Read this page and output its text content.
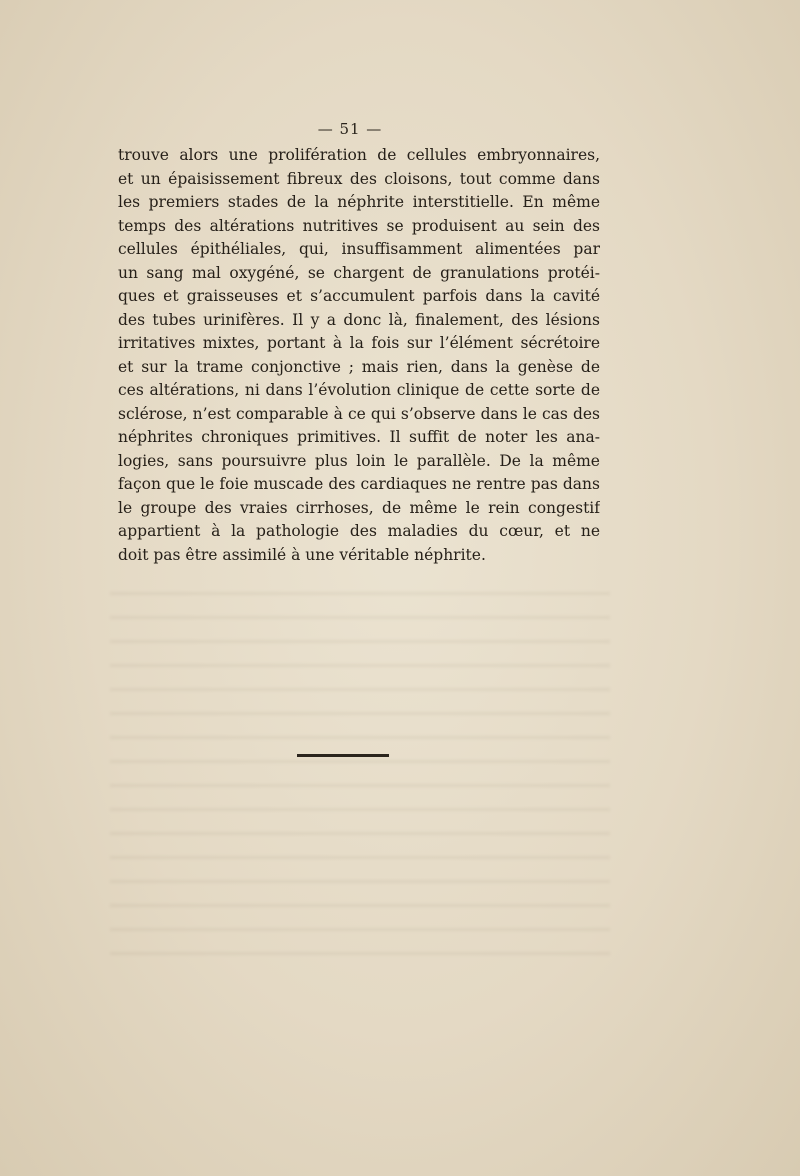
— 51 —
trouve alors une prolifération de cellules embryonnaires,
et un épaisissement fibreux des cloisons, tout comme dans
les premiers stades de la néphrite interstitielle. En même
temps des altérations nutritives se produisent au sein des
cellules épithéliales, qui, insuffisamment alimentées par
un sang mal oxygéné, se chargent de granulations protéi-
ques et graisseuses et s’accumulent parfois dans la cavité
des tubes urinifères. Il y a donc là, finalement, des lésions
irritatives mixtes, portant à la fois sur l’élément sécrétoire
et sur la trame conjonctive ; mais rien, dans la genèse de
ces altérations, ni dans l’évolution clinique de cette sorte de
sclérose, n’est comparable à ce qui s’observe dans le cas des
néphrites chroniques primitives. Il suffit de noter les ana-
logies, sans poursuivre plus loin le parallèle. De la même
façon que le foie muscade des cardiaques ne rentre pas dans
le groupe des vraies cirrhoses, de même le rein congestif
appartient à la pathologie des maladies du cœur, et ne
doit pas être assimilé à une véritable néphrite.
